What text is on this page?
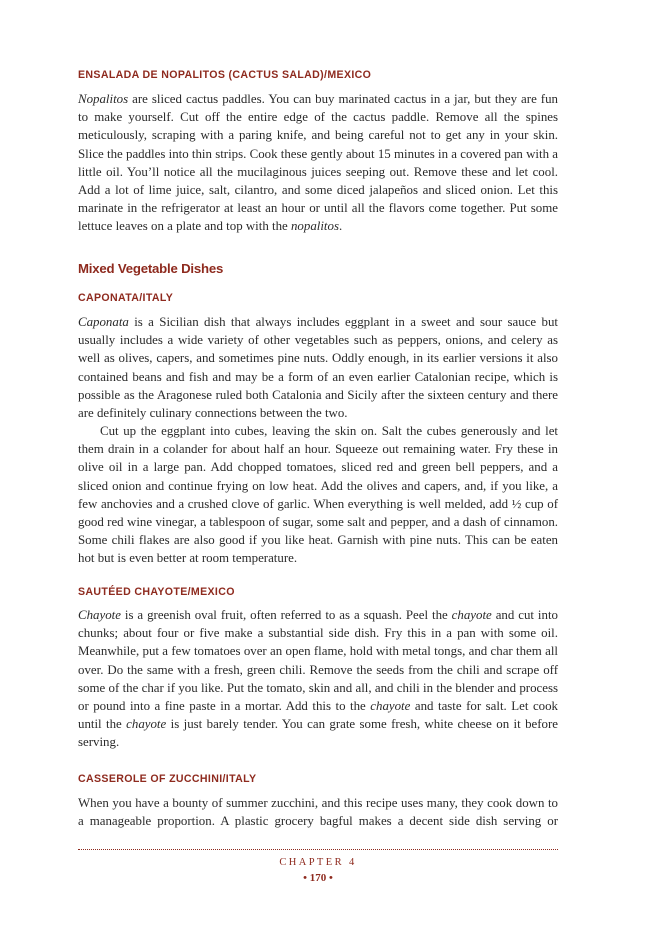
ENSALADA DE NOPALITOS (CACTUS SALAD)/MEXICO

Nopalitos are sliced cactus paddles. You can buy marinated cactus in a jar, but they are fun to make yourself. Cut off the entire edge of the cactus paddle. Remove all the spines meticulously, scraping with a paring knife, and being careful not to get any in your skin. Slice the paddles into thin strips. Cook these gently about 15 minutes in a covered pan with a little oil. You’ll notice all the mucilaginous juices seeping out. Remove these and let cool. Add a lot of lime juice, salt, cilantro, and some diced jalapeños and sliced onion. Let this marinate in the refrigerator at least an hour or until all the flavors come together. Put some lettuce leaves on a plate and top with the nopalitos.

Mixed Vegetable Dishes
CAPONATA/ITALY

Caponata is a Sicilian dish that always includes eggplant in a sweet and sour sauce but usually includes a wide variety of other vegetables such as peppers, onions, and celery as well as olives, capers, and sometimes pine nuts. Oddly enough, in its earlier versions it also contained beans and fish and may be a form of an even earlier Catalonian recipe, which is possible as the Aragonese ruled both Catalonia and Sicily after the sixteen century and there are definitely culinary connections between the two.

Cut up the eggplant into cubes, leaving the skin on. Salt the cubes generously and let them drain in a colander for about half an hour. Squeeze out remaining water. Fry these in olive oil in a large pan. Add chopped tomatoes, sliced red and green bell peppers, and a sliced onion and continue frying on low heat. Add the olives and capers, and, if you like, a few anchovies and a crushed clove of garlic. When everything is well melded, add ½ cup of good red wine vinegar, a tablespoon of sugar, some salt and pepper, and a dash of cinnamon. Some chili flakes are also good if you like heat. Garnish with pine nuts. This can be eaten hot but is even better at room temperature.

SAUTÉED CHAYOTE/MEXICO

Chayote is a greenish oval fruit, often referred to as a squash. Peel the chayote and cut into chunks; about four or five make a substantial side dish. Fry this in a pan with some oil. Meanwhile, put a few tomatoes over an open flame, hold with metal tongs, and char them all over. Do the same with a fresh, green chili. Remove the seeds from the chili and scrape off some of the char if you like. Put the tomato, skin and all, and chili in the blender and process or pound into a fine paste in a mortar. Add this to the chayote and taste for salt. Let cook until the chayote is just barely tender. You can grate some fresh, white cheese on it before serving.

CASSEROLE OF ZUCCHINI/ITALY

When you have a bounty of summer zucchini, and this recipe uses many, they cook down to a manageable proportion. A plastic grocery bagful makes a decent side dish serving or

CHAPTER 4
• 170 •
